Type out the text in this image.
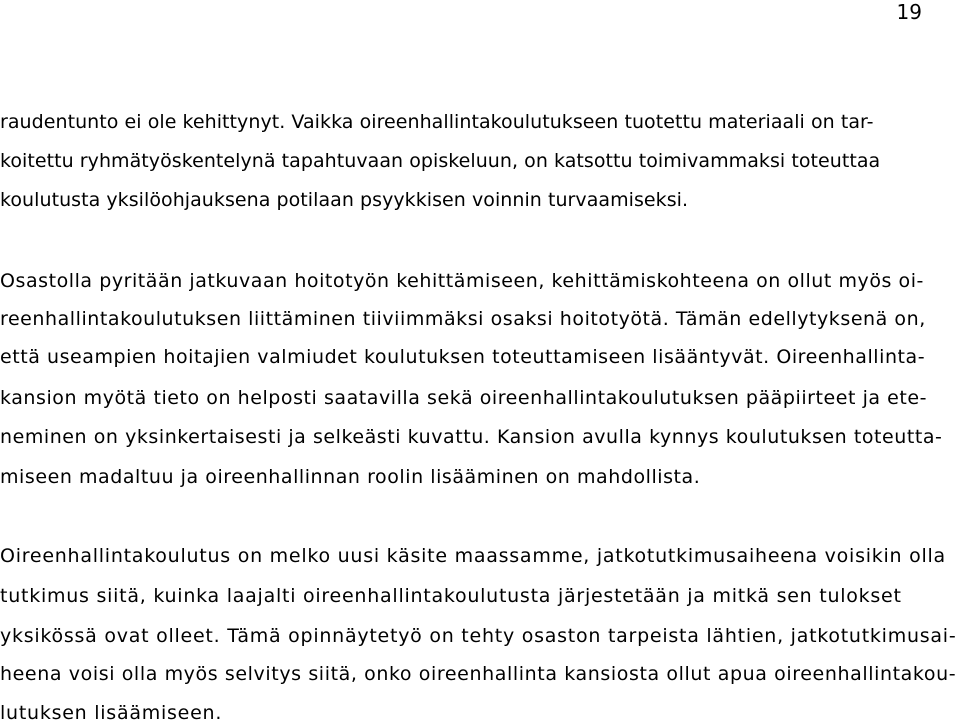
19

raudentunto ei ole kehittynyt. Vaikka oireenhallintakoulutukseen tuotettu materiaali on tar-

koitettu ryhmätyöskentelynä tapahtuvaan opiskeluun, on katsottu toimivammaksi toteuttaa

koulutusta yksilöohjauksena potilaan psyykkisen voinnin turvaamiseksi.

Osastolla pyritään jatkuvaan hoitotyön kehittämiseen, kehittämiskohteena on ollut myös oi-

reenhallintakoulutuksen liittäminen tiiviimmäksi osaksi hoitotyötä. Tämän edellytyksenä on,

että useampien hoitajien valmiudet koulutuksen toteuttamiseen lisääntyvät. Oireenhallinta-

kansion myötä tieto on helposti saatavilla sekä oireenhallintakoulutuksen pääpiirteet ja ete-

neminen on yksinkertaisesti ja selkeästi kuvattu. Kansion avulla kynnys koulutuksen toteutta-

miseen madaltuu ja oireenhallinnan roolin lisääminen on mahdollista.

Oireenhallintakoulutus on melko uusi käsite maassamme, jatkotutkimusaiheena voisikin olla

tutkimus siitä, kuinka laajalti oireenhallintakoulutusta järjestetään ja mitkä sen tulokset

yksikössä ovat olleet. Tämä opinnäytetyö on tehty osaston tarpeista lähtien, jatkotutkimusai-

heena voisi olla myös selvitys siitä, onko oireenhallinta kansiosta ollut apua oireenhallintakou-

lutuksen lisäämiseen.
